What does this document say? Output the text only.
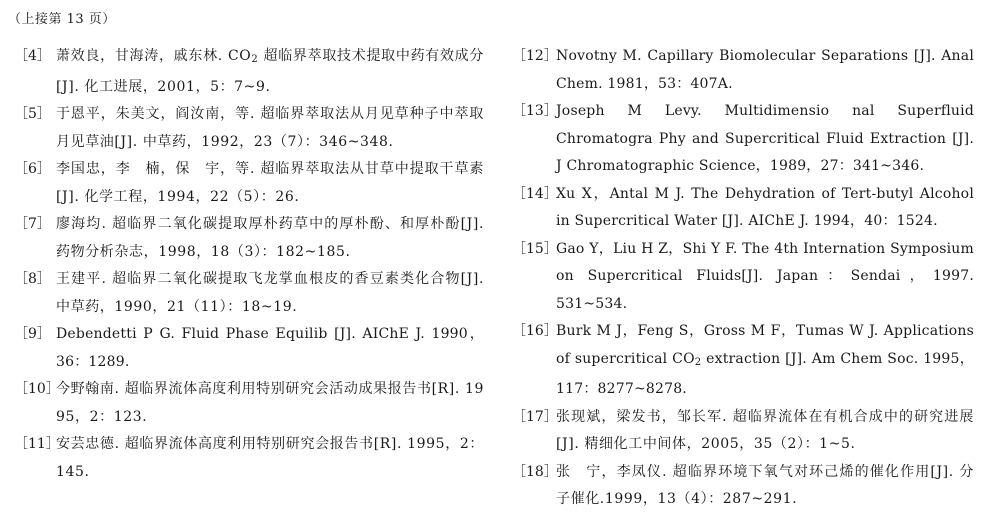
（上接第 13 页）
［4］ 萧效良，甘海涛，戚东林. $CO_2$ 超临界萃取技术提取中药有效成分[J]. 化工进展，2001，5：7~9.
［5］ 于恩平，朱美文，阎汝南，等. 超临界萃取法从月见草种子中萃取月见草油[J]. 中草药，1992，23（7）：346~348.
［6］ 李国忠，李　楠，保　宇，等. 超临界萃取法从甘草中提取干草素[J]. 化学工程，1994，22（5）：26.
［7］ 廖海均. 超临界二氧化碳提取厚朴药草中的厚朴酚、和厚朴酚[J]. 药物分析杂志，1998，18（3）：182~185.
［8］ 王建平. 超临界二氧化碳提取飞龙掌血根皮的香豆素类化合物[J]. 中草药，1990，21（11）：18~19.
［9］ Debendetti P G. Fluid Phase Equilib [J]. AIChE J. 1990，36：1289.
［10］
今野翰南. 超临界流体高度利用特别研究会活动成果报告书[R]. 1995，2：123.
［11］
安芸忠德. 超临界流体高度利用特别研究会报告书[R]. 1995，2：145.
［12］
Novotny M. Capillary Biomolecular Separations [J]. Anal Chem. 1981，53：407A.
［13］
Joseph M Levy. Multidimensio nal Superfluid Chromatogra Phy and Supercritical Fluid Extraction [J]. J Chromatographic Science，1989，27：341~346.
［14］
Xu X，Antal M J. The Dehydration of Tert-butyl Alcohol in Supercritical Water [J]. AIChE J. 1994，40：1524.
［15］
Gao Y，Liu H Z，Shi Y F. The 4th Internation Symposium on Supercritical Fluids[J]. Japan：Sendai，1997. 531~534.
［16］
Burk M J，Feng S，Gross M F，Tumas W J. Applications of supercritical $CO_2$ extraction [J]. Am Chem Soc. 1995，117：8277~8278.
［17］
张现斌，梁发书，邹长军. 超临界流体在有机合成中的研究进展[J]. 精细化工中间体，2005，35（2）：1~5.
［18］
张　宁，李凤仪. 超临界环境下氧气对环己烯的催化作用[J]. 分子催化.1999，13（4）：287~291.
